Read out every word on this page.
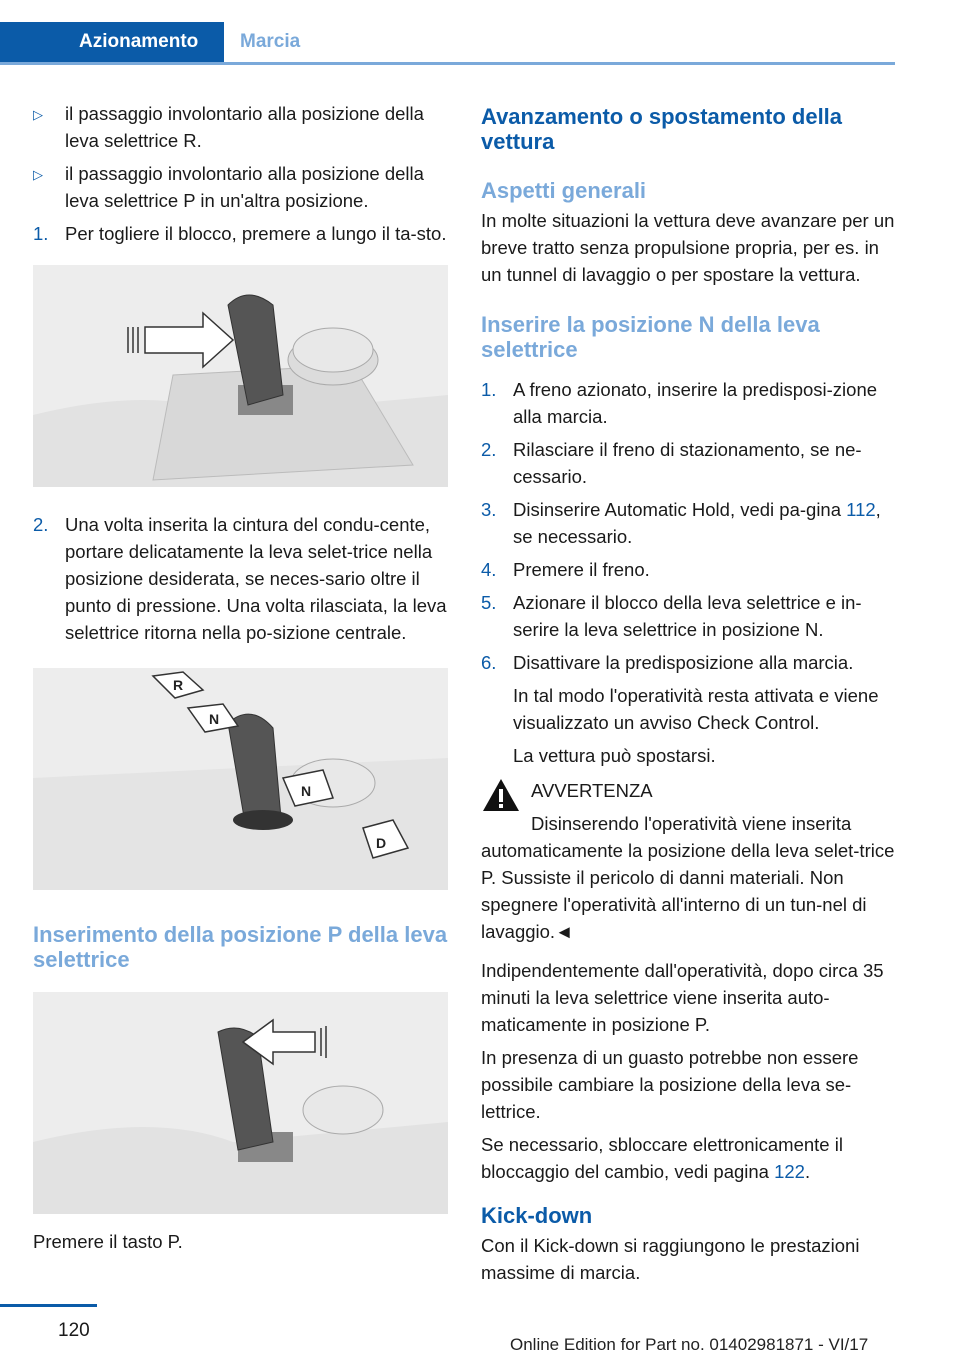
Azionamento	Marcia
▷	il passaggio involontario alla posizione della leva selettrice R.
▷	il passaggio involontario alla posizione della leva selettrice P in un'altra posizione.
1. Per togliere il blocco, premere a lungo il ta-sto.
2. Una volta inserita la cintura del condu-cente, portare delicatamente la leva selet-trice nella posizione desiderata, se neces-sario oltre il punto di pressione. Una volta rilasciata, la leva selettrice ritorna nella po-sizione centrale.
R
N
N
D
Inserimento della posizione P della leva selettrice

Premere il tasto P.

Avanzamento o spostamento della vettura
Aspetti generali

In molte situazioni la vettura deve avanzare per un breve tratto senza propulsione propria, per es. in un tunnel di lavaggio o per spostare la vettura.

Inserire la posizione N della leva selettrice
1. A freno azionato, inserire la predisposi-zione alla marcia.
2. Rilasciare il freno di stazionamento, se ne-cessario.
3. Disinserire Automatic Hold, vedi pa-gina 112, se necessario.
4. Premere il freno.
5. Azionare il blocco della leva selettrice e in-serire la leva selettrice in posizione N.
6. Disattivare la predisposizione alla marcia.

In tal modo l'operatività resta attivata e viene visualizzato un avviso Check Control.

La vettura può spostarsi.

AVVERTENZA

Disinserendo l'operatività viene inserita

automaticamente la posizione della leva selet-trice P. Sussiste il pericolo di danni materiali. Non spegnere l'operatività all'interno di un tun-nel di lavaggio.◄

Indipendentemente dall'operatività, dopo circa 35 minuti la leva selettrice viene inserita auto-maticamente in posizione P.

In presenza di un guasto potrebbe non essere possibile cambiare la posizione della leva se-lettrice.

Se necessario, sbloccare elettronicamente il bloccaggio del cambio, vedi pagina 122.

Kick-down

Con il Kick-down si raggiungono le prestazioni massime di marcia.

120
Online Edition for Part no. 01402981871 - VI/17
